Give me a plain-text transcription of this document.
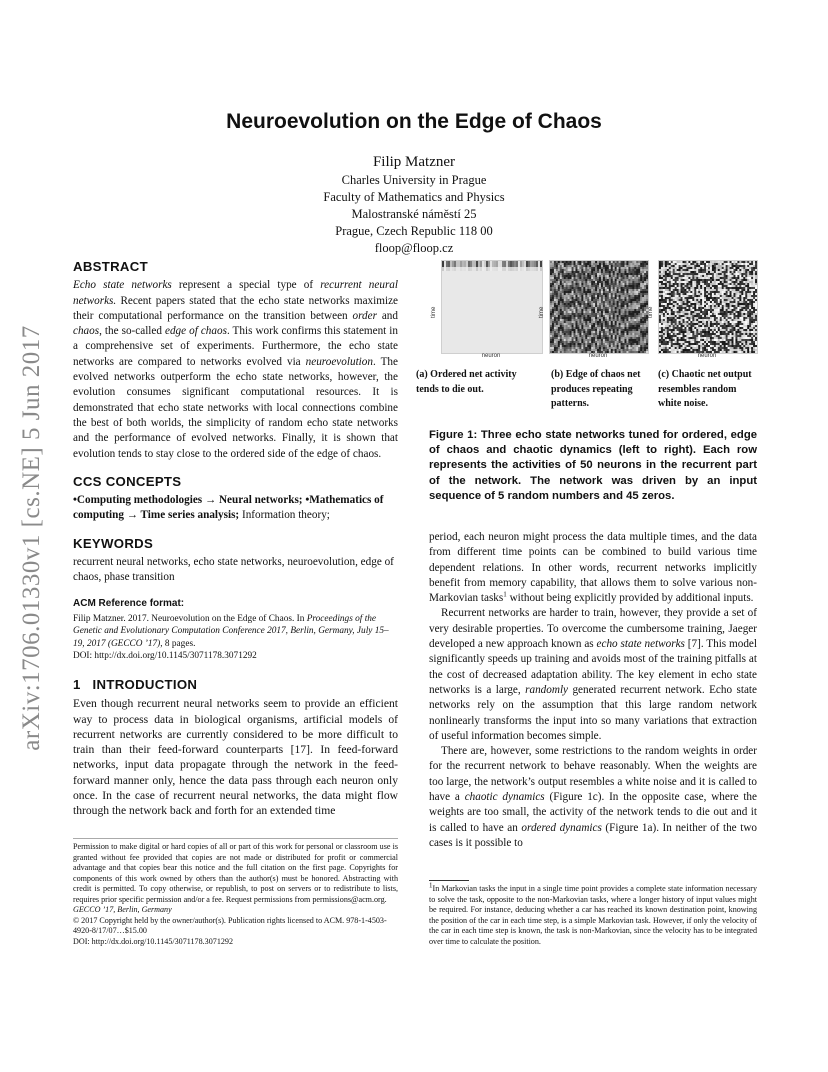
arXiv:1706.01330v1 [cs.NE] 5 Jun 2017
Neuroevolution on the Edge of Chaos
Filip Matzner
Charles University in Prague
Faculty of Mathematics and Physics
Malostranské náměstí 25
Prague, Czech Republic 118 00
floop@floop.cz
ABSTRACT

Echo state networks represent a special type of recurrent neural networks. Recent papers stated that the echo state networks maximize their computational performance on the transition between order and chaos, the so-called edge of chaos. This work confirms this statement in a comprehensive set of experiments. Furthermore, the echo state networks are compared to networks evolved via neuroevolution. The evolved networks outperform the echo state networks, however, the evolution consumes significant computational resources. It is demonstrated that echo state networks with local connections combine the best of both worlds, the simplicity of random echo state networks and the performance of evolved networks. Finally, it is shown that evolution tends to stay close to the ordered side of the edge of chaos.

CCS CONCEPTS

•Computing methodologies → Neural networks; •Mathematics of computing → Time series analysis; Information theory;

KEYWORDS

recurrent neural networks, echo state networks, neuroevolution, edge of chaos, phase transition

ACM Reference format:

Filip Matzner. 2017. Neuroevolution on the Edge of Chaos. In Proceedings of the Genetic and Evolutionary Computation Conference 2017, Berlin, Germany, July 15–19, 2017 (GECCO ’17), 8 pages.

DOI: http://dx.doi.org/10.1145/3071178.3071292

1 INTRODUCTION

Even though recurrent neural networks seem to provide an efficient way to process data in biological organisms, artificial models of recurrent networks are currently considered to be more difficult to train than their feed-forward counterparts [17]. In feed-forward networks, input data propagate through the network in the feed-forward manner only, hence the data pass through each neuron only once. In the case of recurrent neural networks, the data might flow through the network back and forth for an extended time

Permission to make digital or hard copies of all or part of this work for personal or classroom use is granted without fee provided that copies are not made or distributed for profit or commercial advantage and that copies bear this notice and the full citation on the first page. Copyrights for components of this work owned by others than the author(s) must be honored. Abstracting with credit is permitted. To copy otherwise, or republish, to post on servers or to redistribute to lists, requires prior specific permission and/or a fee. Request permissions from permissions@acm.org.

GECCO ’17, Berlin, Germany

© 2017 Copyright held by the owner/author(s). Publication rights licensed to ACM. 978-1-4503-4920-8/17/07…$15.00

DOI: http://dx.doi.org/10.1145/3071178.3071292

time
neuron
time
neuron
time
neuron
(a) Ordered net activity tends to die out.
(b) Edge of chaos net produces repeating patterns.
(c) Chaotic net output resembles random white noise.
Figure 1: Three echo state networks tuned for ordered, edge of chaos and chaotic dynamics (left to right). Each row represents the activities of 50 neurons in the recurrent part of the network. The network was driven by an input sequence of 5 random numbers and 45 zeros.

period, each neuron might process the data multiple times, and the data from different time points can be combined to build various time dependent relations. In other words, recurrent networks implicitly benefit from memory capability, that allows them to solve various non-Markovian tasks$^1$ without being explicitly provided by additional inputs.

Recurrent networks are harder to train, however, they provide a set of very desirable properties. To overcome the cumbersome training, Jaeger developed a new approach known as echo state networks [7]. This model significantly speeds up training and avoids most of the training pitfalls at the cost of decreased adaptation ability. The key element in echo state networks is a large, randomly generated recurrent network. Echo state networks rely on the assumption that this large random network nonlinearly transforms the input into so many variations that extraction of useful information becomes simple.

There are, however, some restrictions to the random weights in order for the recurrent network to behave reasonably. When the weights are too large, the network’s output resembles a white noise and it is called to have a chaotic dynamics (Figure 1c). In the opposite case, where the weights are too small, the activity of the network tends to die out and it is called to have an ordered dynamics (Figure 1a). In neither of the two cases is it possible to

$^1$In Markovian tasks the input in a single time point provides a complete state information necessary to solve the task, opposite to the non-Markovian tasks, where a longer history of input values might be required. For instance, deducing whether a car has reached its known destination point, knowing the position of the car in each time step, is a simple Markovian task. However, if only the velocity of the car in each time step is known, the task is non-Markovian, since the velocity has to be integrated over time to calculate the position.
